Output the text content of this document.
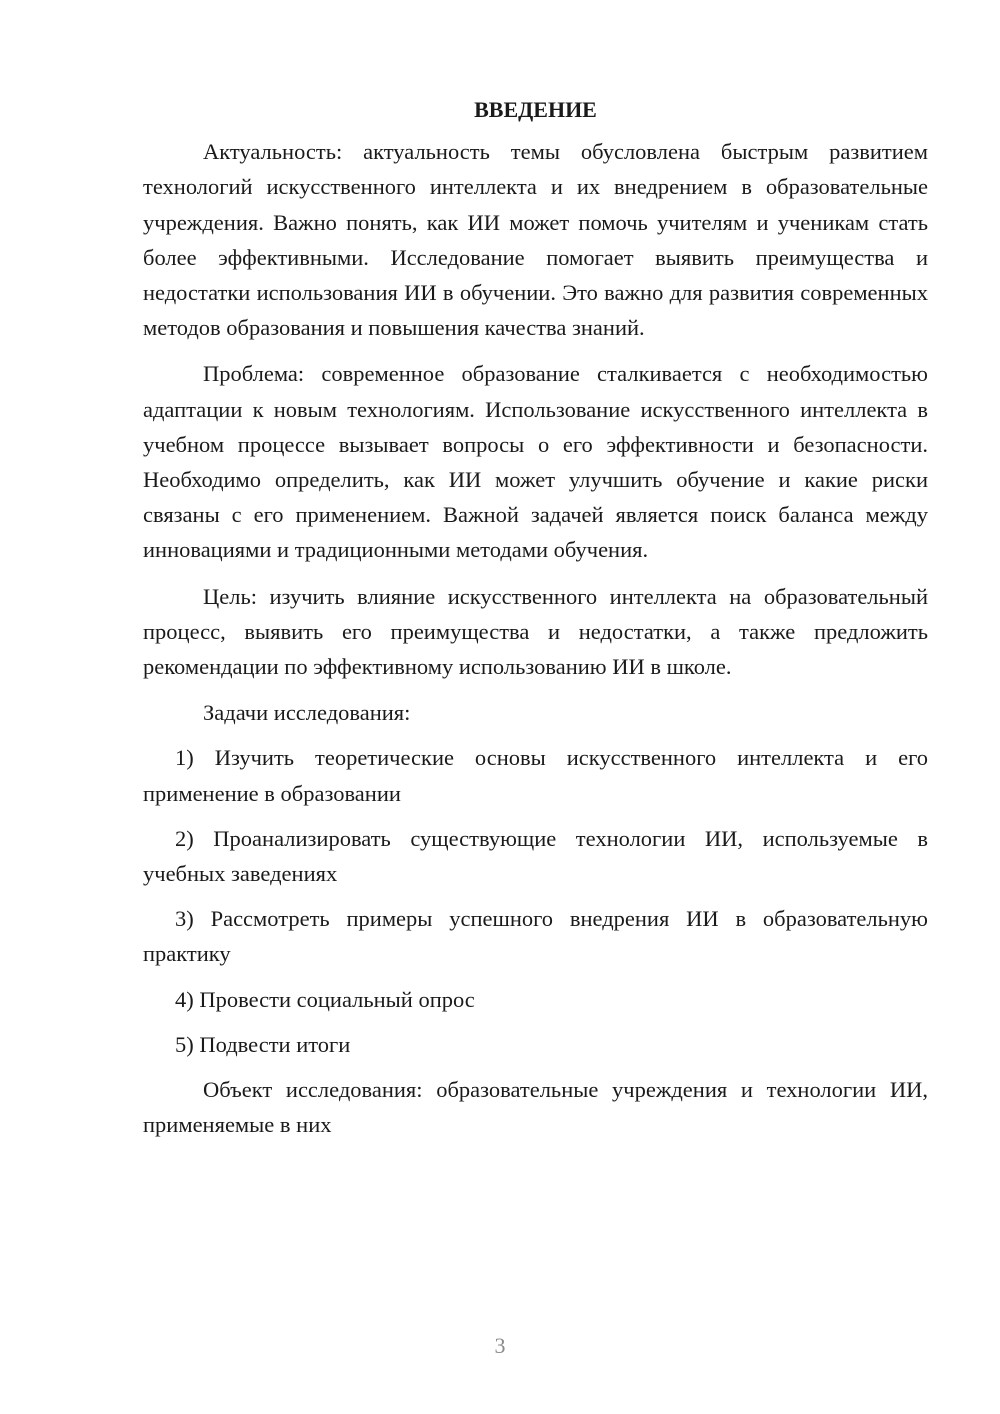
ВВЕДЕНИЕ

Актуальность: актуальность темы обусловлена быстрым развитием технологий искусственного интеллекта и их внедрением в образовательные учреждения. Важно понять, как ИИ может помочь учителям и ученикам стать более эффективными. Исследование помогает выявить преимущества и недостатки использования ИИ в обучении. Это важно для развития современных методов образования и повышения качества знаний.

Проблема: современное образование сталкивается с необходимостью адаптации к новым технологиям. Использование искусственного интеллекта в учебном процессе вызывает вопросы о его эффективности и безопасности. Необходимо определить, как ИИ может улучшить обучение и какие риски связаны с его применением. Важной задачей является поиск баланса между инновациями и традиционными методами обучения.

Цель: изучить влияние искусственного интеллекта на образовательный процесс, выявить его преимущества и недостатки, а также предложить рекомендации по эффективному использованию ИИ в школе.

Задачи исследования:

1) Изучить теоретические основы искусственного интеллекта и его применение в образовании

2) Проанализировать существующие технологии ИИ, используемые в учебных заведениях

3) Рассмотреть примеры успешного внедрения ИИ в образовательную практику

4) Провести социальный опрос

5) Подвести итоги

Объект исследования: образовательные учреждения и технологии ИИ, применяемые в них

3
